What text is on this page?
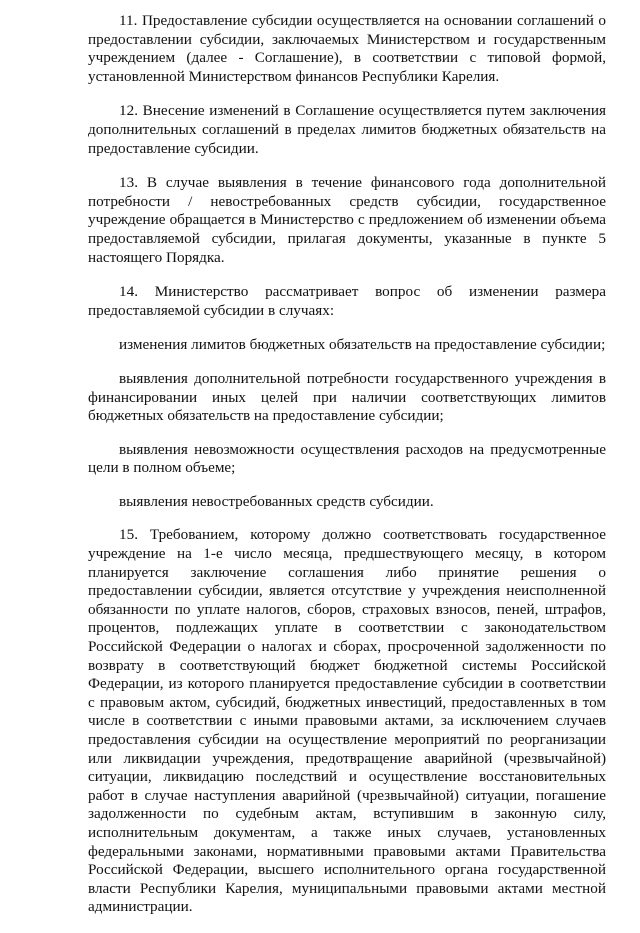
11. Предоставление субсидии осуществляется на основании соглашений о предоставлении субсидии, заключаемых Министерством и государственным учреждением (далее - Соглашение), в соответствии с типовой формой, установленной Министерством финансов Республики Карелия.

12. Внесение изменений в Соглашение осуществляется путем заключения дополнительных соглашений в пределах лимитов бюджетных обязательств на предоставление субсидии.

13. В случае выявления в течение финансового года дополнительной потребности / невостребованных средств субсидии, государственное учреждение обращается в Министерство с предложением об изменении объема предоставляемой субсидии, прилагая документы, указанные в пункте 5 настоящего Порядка.

14. Министерство рассматривает вопрос об изменении размера предоставляемой субсидии в случаях:

изменения лимитов бюджетных обязательств на предоставление субсидии;

выявления дополнительной потребности государственного учреждения в финансировании иных целей при наличии соответствующих лимитов бюджетных обязательств на предоставление субсидии;

выявления невозможности осуществления расходов на предусмотренные цели в полном объеме;

выявления невостребованных средств субсидии.

15. Требованием, которому должно соответствовать государственное учреждение на 1-е число месяца, предшествующего месяцу, в котором планируется заключение соглашения либо принятие решения о предоставлении субсидии, является отсутствие у учреждения неисполненной обязанности по уплате налогов, сборов, страховых взносов, пеней, штрафов, процентов, подлежащих уплате в соответствии с законодательством Российской Федерации о налогах и сборах, просроченной задолженности по возврату в соответствующий бюджет бюджетной системы Российской Федерации, из которого планируется предоставление субсидии в соответствии с правовым актом, субсидий, бюджетных инвестиций, предоставленных в том числе в соответствии с иными правовыми актами, за исключением случаев предоставления субсидии на осуществление мероприятий по реорганизации или ликвидации учреждения, предотвращение аварийной (чрезвычайной) ситуации, ликвидацию последствий и осуществление восстановительных работ в случае наступления аварийной (чрезвычайной) ситуации, погашение задолженности по судебным актам, вступившим в законную силу, исполнительным документам, а также иных случаев, установленных федеральными законами, нормативными правовыми актами Правительства Российской Федерации, высшего исполнительного органа государственной власти Республики Карелия, муниципальными правовыми актами местной администрации.
